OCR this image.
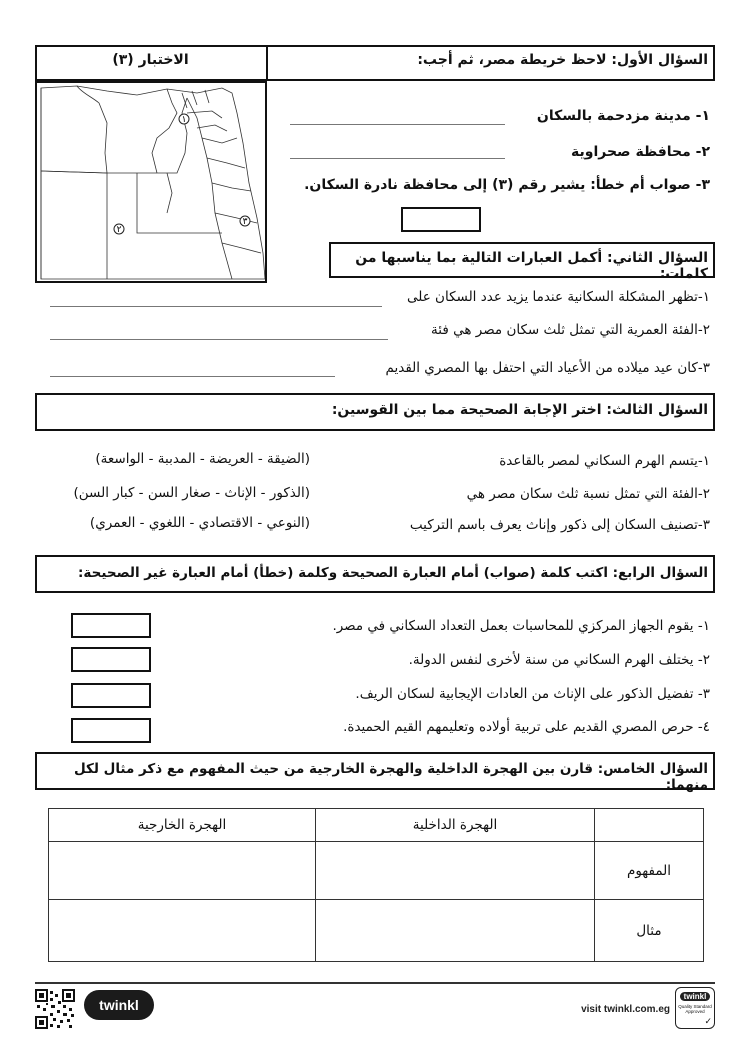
السؤال الأول: لاحظ خريطة مصر، ثم أجب:
الاختبار (٣)
١
٢
٣
١- مدينة مزدحمة بالسكان
٢- محافظة صحراوية
٣- صواب أم خطأ: يشير رقم (٣) إلى محافظة نادرة السكان.
السؤال الثاني: أكمل العبارات التالية بما يناسبها من كلمات:
١-تظهر المشكلة السكانية عندما يزيد عدد السكان على
٢-الفئة العمرية التي تمثل ثلث سكان مصر هي فئة
٣-كان عيد ميلاده من الأعياد التي احتفل بها المصري القديم
السؤال الثالث: اختر الإجابة الصحيحة مما بين القوسين:
١-يتسم الهرم السكاني لمصر بالقاعدة
(الضيقة - العريضة - المدببة - الواسعة)
٢-الفئة التي تمثل نسبة ثلث سكان مصر هي
(الذكور - الإناث - صغار السن - كبار السن)
٣-تصنيف السكان إلى ذكور وإناث يعرف باسم التركيب
(النوعي - الاقتصادي - اللغوي - العمري)
السؤال الرابع: اكتب كلمة (صواب) أمام العبارة الصحيحة وكلمة (خطأ) أمام العبارة غير الصحيحة:
١- يقوم الجهاز المركزي للمحاسبات بعمل التعداد السكاني في مصر.
٢- يختلف الهرم السكاني من سنة لأخرى لنفس الدولة.
٣- تفضيل الذكور على الإناث من العادات الإيجابية لسكان الريف.
٤- حرص المصري القديم على تربية أولاده وتعليمهم القيم الحميدة.
السؤال الخامس: قارن بين الهجرة الداخلية والهجرة الخارجية من حيث المفهوم مع ذكر مثال لكل منهما:
	الهجرة الداخلية	الهجرة الخارجية
المفهوم		
مثال		
twinkl	visit twinkl.com.eg
twinkl
Quality Standard Approved
✓
